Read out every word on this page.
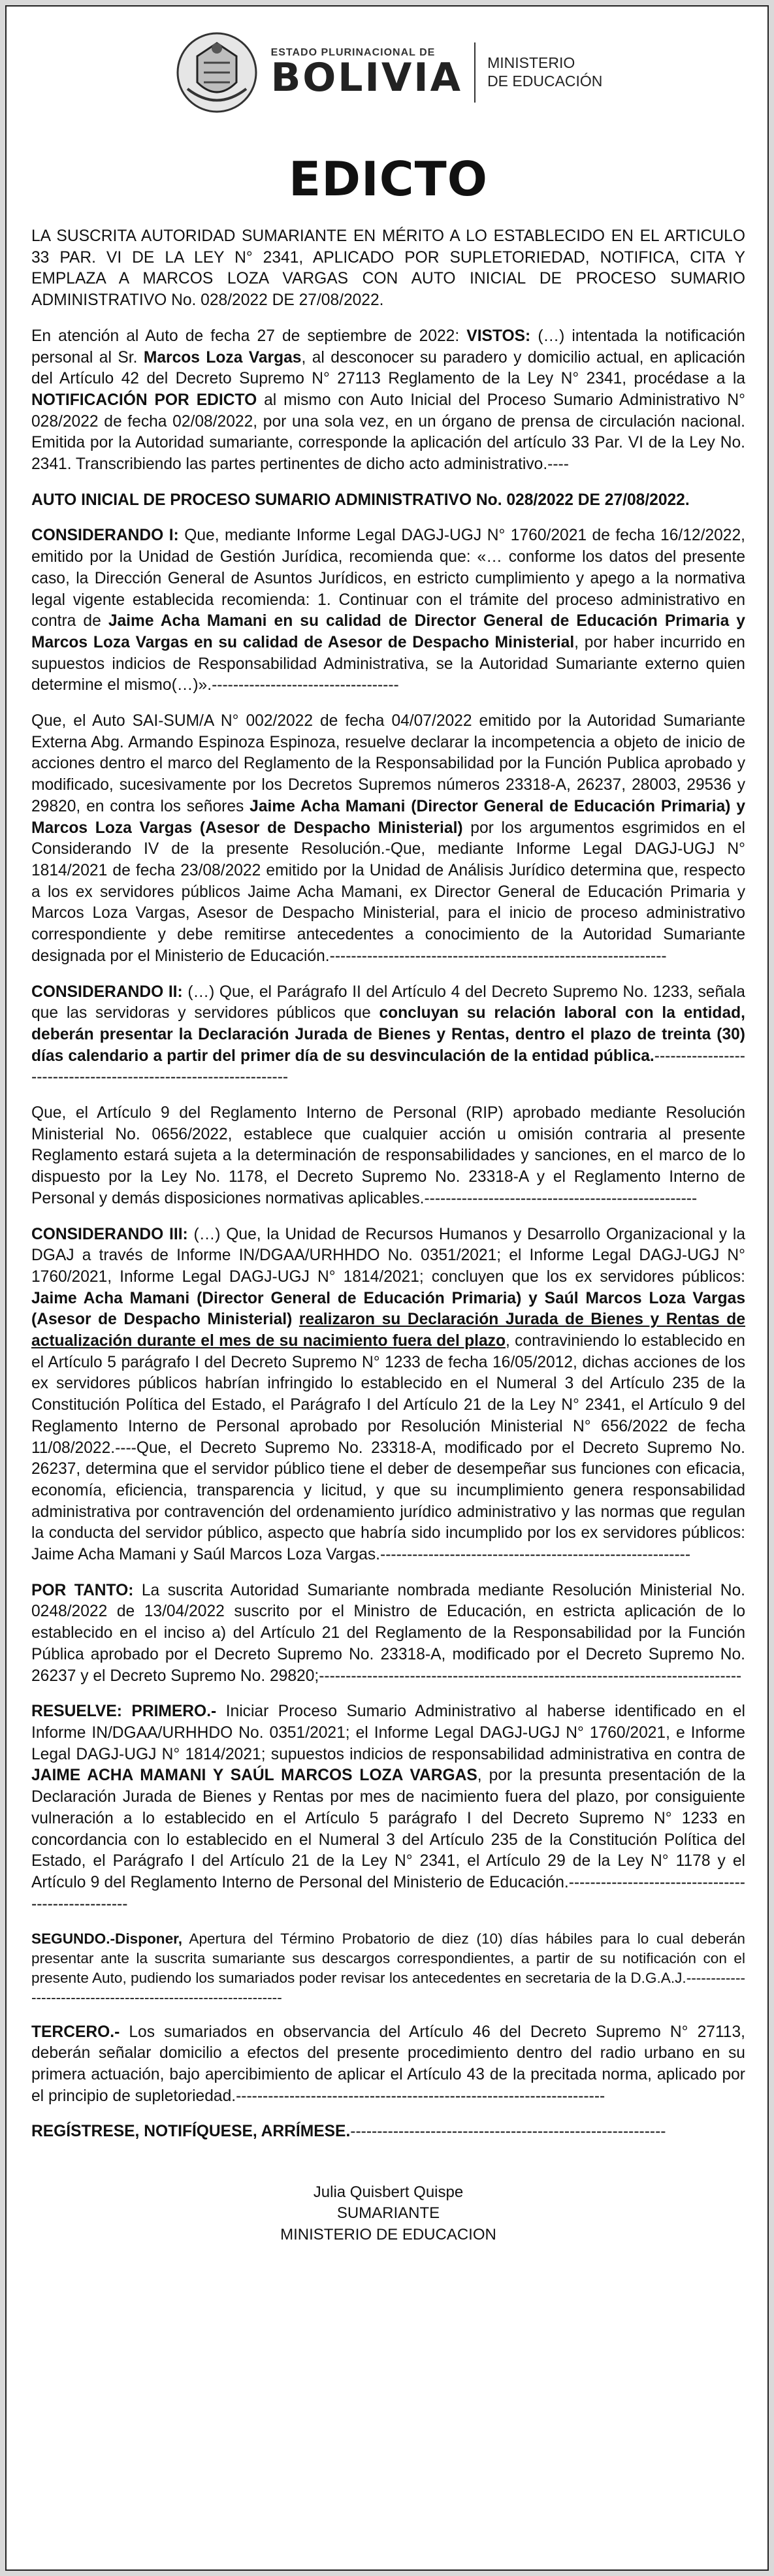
ESTADO PLURINACIONAL DE
BOLIVIA MINISTERIO
DE EDUCACIÓN
EDICTO

LA SUSCRITA AUTORIDAD SUMARIANTE EN MÉRITO A LO ESTABLECIDO EN EL ARTICULO 33 PAR. VI DE LA LEY N° 2341, APLICADO POR SUPLETORIEDAD, NOTIFICA, CITA Y EMPLAZA A MARCOS LOZA VARGAS CON AUTO INICIAL DE PROCESO SUMARIO ADMINISTRATIVO No. 028/2022 DE 27/08/2022.

En atención al Auto de fecha 27 de septiembre de 2022: VISTOS: (…) intentada la notificación personal al Sr. Marcos Loza Vargas, al desconocer su paradero y domicilio actual, en aplicación del Artículo 42 del Decreto Supremo N° 27113 Reglamento de la Ley N° 2341, procédase a la NOTIFICACIÓN POR EDICTO al mismo con Auto Inicial del Proceso Sumario Administrativo N° 028/2022 de fecha 02/08/2022, por una sola vez, en un órgano de prensa de circulación nacional. Emitida por la Autoridad sumariante, corresponde la aplicación del artículo 33 Par. VI de la Ley No. 2341. Transcribiendo las partes pertinentes de dicho acto administrativo.----

AUTO INICIAL DE PROCESO SUMARIO ADMINISTRATIVO No. 028/2022 DE 27/08/2022.

CONSIDERANDO I: Que, mediante Informe Legal DAGJ-UGJ N° 1760/2021 de fecha 16/12/2022, emitido por la Unidad de Gestión Jurídica, recomienda que: «… conforme los datos del presente caso, la Dirección General de Asuntos Jurídicos, en estricto cumplimiento y apego a la normativa legal vigente establecida recomienda: 1. Continuar con el trámite del proceso administrativo en contra de Jaime Acha Mamani en su calidad de Director General de Educación Primaria y Marcos Loza Vargas en su calidad de Asesor de Despacho Ministerial, por haber incurrido en supuestos indicios de Responsabilidad Administrativa, se la Autoridad Sumariante externo quien determine el mismo(…)».-----------------------------------

Que, el Auto SAI-SUM/A N° 002/2022 de fecha 04/07/2022 emitido por la Autoridad Sumariante Externa Abg. Armando Espinoza Espinoza, resuelve declarar la incompetencia a objeto de inicio de acciones dentro el marco del Reglamento de la Responsabilidad por la Función Publica aprobado y modificado, sucesivamente por los Decretos Supremos números 23318-A, 26237, 28003, 29536 y 29820, en contra los señores Jaime Acha Mamani (Director General de Educación Primaria) y Marcos Loza Vargas (Asesor de Despacho Ministerial) por los argumentos esgrimidos en el Considerando IV de la presente Resolución.-Que, mediante Informe Legal DAGJ-UGJ N° 1814/2021 de fecha 23/08/2022 emitido por la Unidad de Análisis Jurídico determina que, respecto a los ex servidores públicos Jaime Acha Mamani, ex Director General de Educación Primaria y Marcos Loza Vargas, Asesor de Despacho Ministerial, para el inicio de proceso administrativo correspondiente y debe remitirse antecedentes a conocimiento de la Autoridad Sumariante designada por el Ministerio de Educación.---------------------------------------------------------------

CONSIDERANDO II: (…) Que, el Parágrafo II del Artículo 4 del Decreto Supremo No. 1233, señala que las servidoras y servidores públicos que concluyan su relación laboral con la entidad, deberán presentar la Declaración Jurada de Bienes y Rentas, dentro el plazo de treinta (30) días calendario a partir del primer día de su desvinculación de la entidad pública.-----------------------------------------------------------------

Que, el Artículo 9 del Reglamento Interno de Personal (RIP) aprobado mediante Resolución Ministerial No. 0656/2022, establece que cualquier acción u omisión contraria al presente Reglamento estará sujeta a la determinación de responsabilidades y sanciones, en el marco de lo dispuesto por la Ley No. 1178, el Decreto Supremo No. 23318-A y el Reglamento Interno de Personal y demás disposiciones normativas aplicables.---------------------------------------------------

CONSIDERANDO III: (…) Que, la Unidad de Recursos Humanos y Desarrollo Organizacional y la DGAJ a través de Informe IN/DGAA/URHHDO No. 0351/2021; el Informe Legal DAGJ-UGJ N° 1760/2021, Informe Legal DAGJ-UGJ N° 1814/2021; concluyen que los ex servidores públicos: Jaime Acha Mamani (Director General de Educación Primaria) y Saúl Marcos Loza Vargas (Asesor de Despacho Ministerial) realizaron su Declaración Jurada de Bienes y Rentas de actualización durante el mes de su nacimiento fuera del plazo, contraviniendo lo establecido en el Artículo 5 parágrafo I del Decreto Supremo N° 1233 de fecha 16/05/2012, dichas acciones de los ex servidores públicos habrían infringido lo establecido en el Numeral 3 del Artículo 235 de la Constitución Política del Estado, el Parágrafo I del Artículo 21 de la Ley N° 2341, el Artículo 9 del Reglamento Interno de Personal aprobado por Resolución Ministerial N° 656/2022 de fecha 11/08/2022.----Que, el Decreto Supremo No. 23318-A, modificado por el Decreto Supremo No. 26237, determina que el servidor público tiene el deber de desempeñar sus funciones con eficacia, economía, eficiencia, transparencia y licitud, y que su incumplimiento genera responsabilidad administrativa por contravención del ordenamiento jurídico administrativo y las normas que regulan la conducta del servidor público, aspecto que habría sido incumplido por los ex servidores públicos: Jaime Acha Mamani y Saúl Marcos Loza Vargas.----------------------------------------------------------

POR TANTO: La suscrita Autoridad Sumariante nombrada mediante Resolución Ministerial No. 0248/2022 de 13/04/2022 suscrito por el Ministro de Educación, en estricta aplicación de lo establecido en el inciso a) del Artículo 21 del Reglamento de la Responsabilidad por la Función Pública aprobado por el Decreto Supremo No. 23318-A, modificado por el Decreto Supremo No. 26237 y el Decreto Supremo No. 29820;-------------------------------------------------------------------------------

RESUELVE: PRIMERO.- Iniciar Proceso Sumario Administrativo al haberse identificado en el Informe IN/DGAA/URHHDO No. 0351/2021; el Informe Legal DAGJ-UGJ N° 1760/2021, e Informe Legal DAGJ-UGJ N° 1814/2021; supuestos indicios de responsabilidad administrativa en contra de JAIME ACHA MAMANI Y SAÚL MARCOS LOZA VARGAS, por la presunta presentación de la Declaración Jurada de Bienes y Rentas por mes de nacimiento fuera del plazo, por consiguiente vulneración a lo establecido en el Artículo 5 parágrafo I del Decreto Supremo N° 1233 en concordancia con lo establecido en el Numeral 3 del Artículo 235 de la Constitución Política del Estado, el Parágrafo I del Artículo 21 de la Ley N° 2341, el Artículo 29 de la Ley N° 1178 y el Artículo 9 del Reglamento Interno de Personal del Ministerio de Educación.---------------------------------------------------

SEGUNDO.-Disponer, Apertura del Término Probatorio de diez (10) días hábiles para lo cual deberán presentar ante la suscrita sumariante sus descargos correspondientes, a partir de su notificación con el presente Auto, pudiendo los sumariados poder revisar los antecedentes en secretaria de la D.G.A.J.---------------------------------------------------------------

TERCERO.- Los sumariados en observancia del Artículo 46 del Decreto Supremo N° 27113, deberán señalar domicilio a efectos del presente procedimiento dentro del radio urbano en su primera actuación, bajo apercibimiento de aplicar el Artículo 43 de la precitada norma, aplicado por el principio de supletoriedad.---------------------------------------------------------------------

REGÍSTRESE, NOTIFÍQUESE, ARRÍMESE.-----------------------------------------------------------

Julia Quisbert Quispe
SUMARIANTE
MINISTERIO DE EDUCACION
